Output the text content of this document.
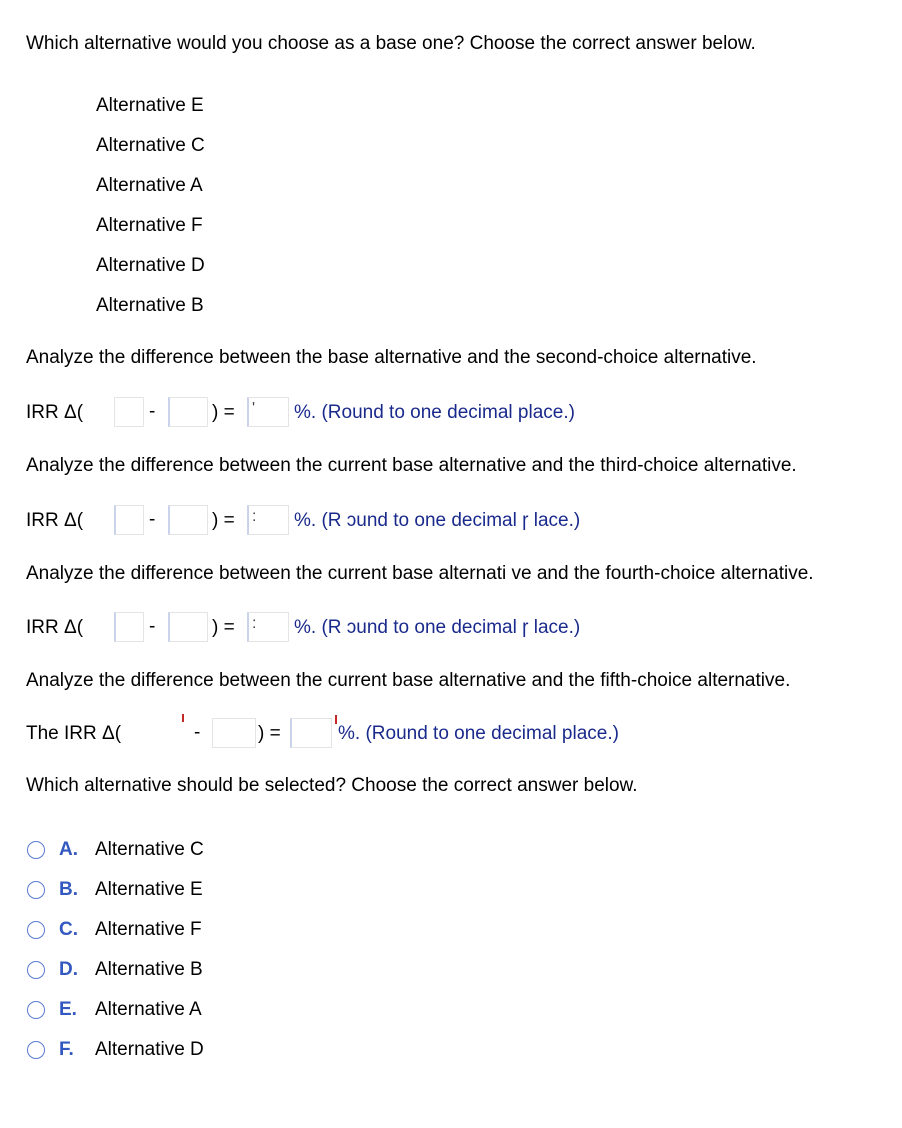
Which alternative would you choose as a base one? Choose the correct answer below.
Alternative E
Alternative C
Alternative A
Alternative F
Alternative D
Alternative B
Analyze the difference between the base alternative and the second-choice alternative.
IRR Δ(	-	) = ' %. (Round to one decimal place.)
Analyze the difference between the current base alternative and the third-choice alternative.
IRR Δ(	-	) = : %. (R ɔund to one decimal ɼ lace.)
Analyze the difference between the current base alternati ve and the fourth-choice alternative.
IRR Δ(	-	) = : %. (R ɔund to one decimal ɼ lace.)
Analyze the difference between the current base alternative and the fifth-choice alternative.
The IRR Δ(	-	) =	%. (Round to one decimal place.)
Which alternative should be selected? Choose the correct answer below.
A. Alternative C
B. Alternative E
C. Alternative F
D. Alternative B
E. Alternative A
F.	Alternative D
